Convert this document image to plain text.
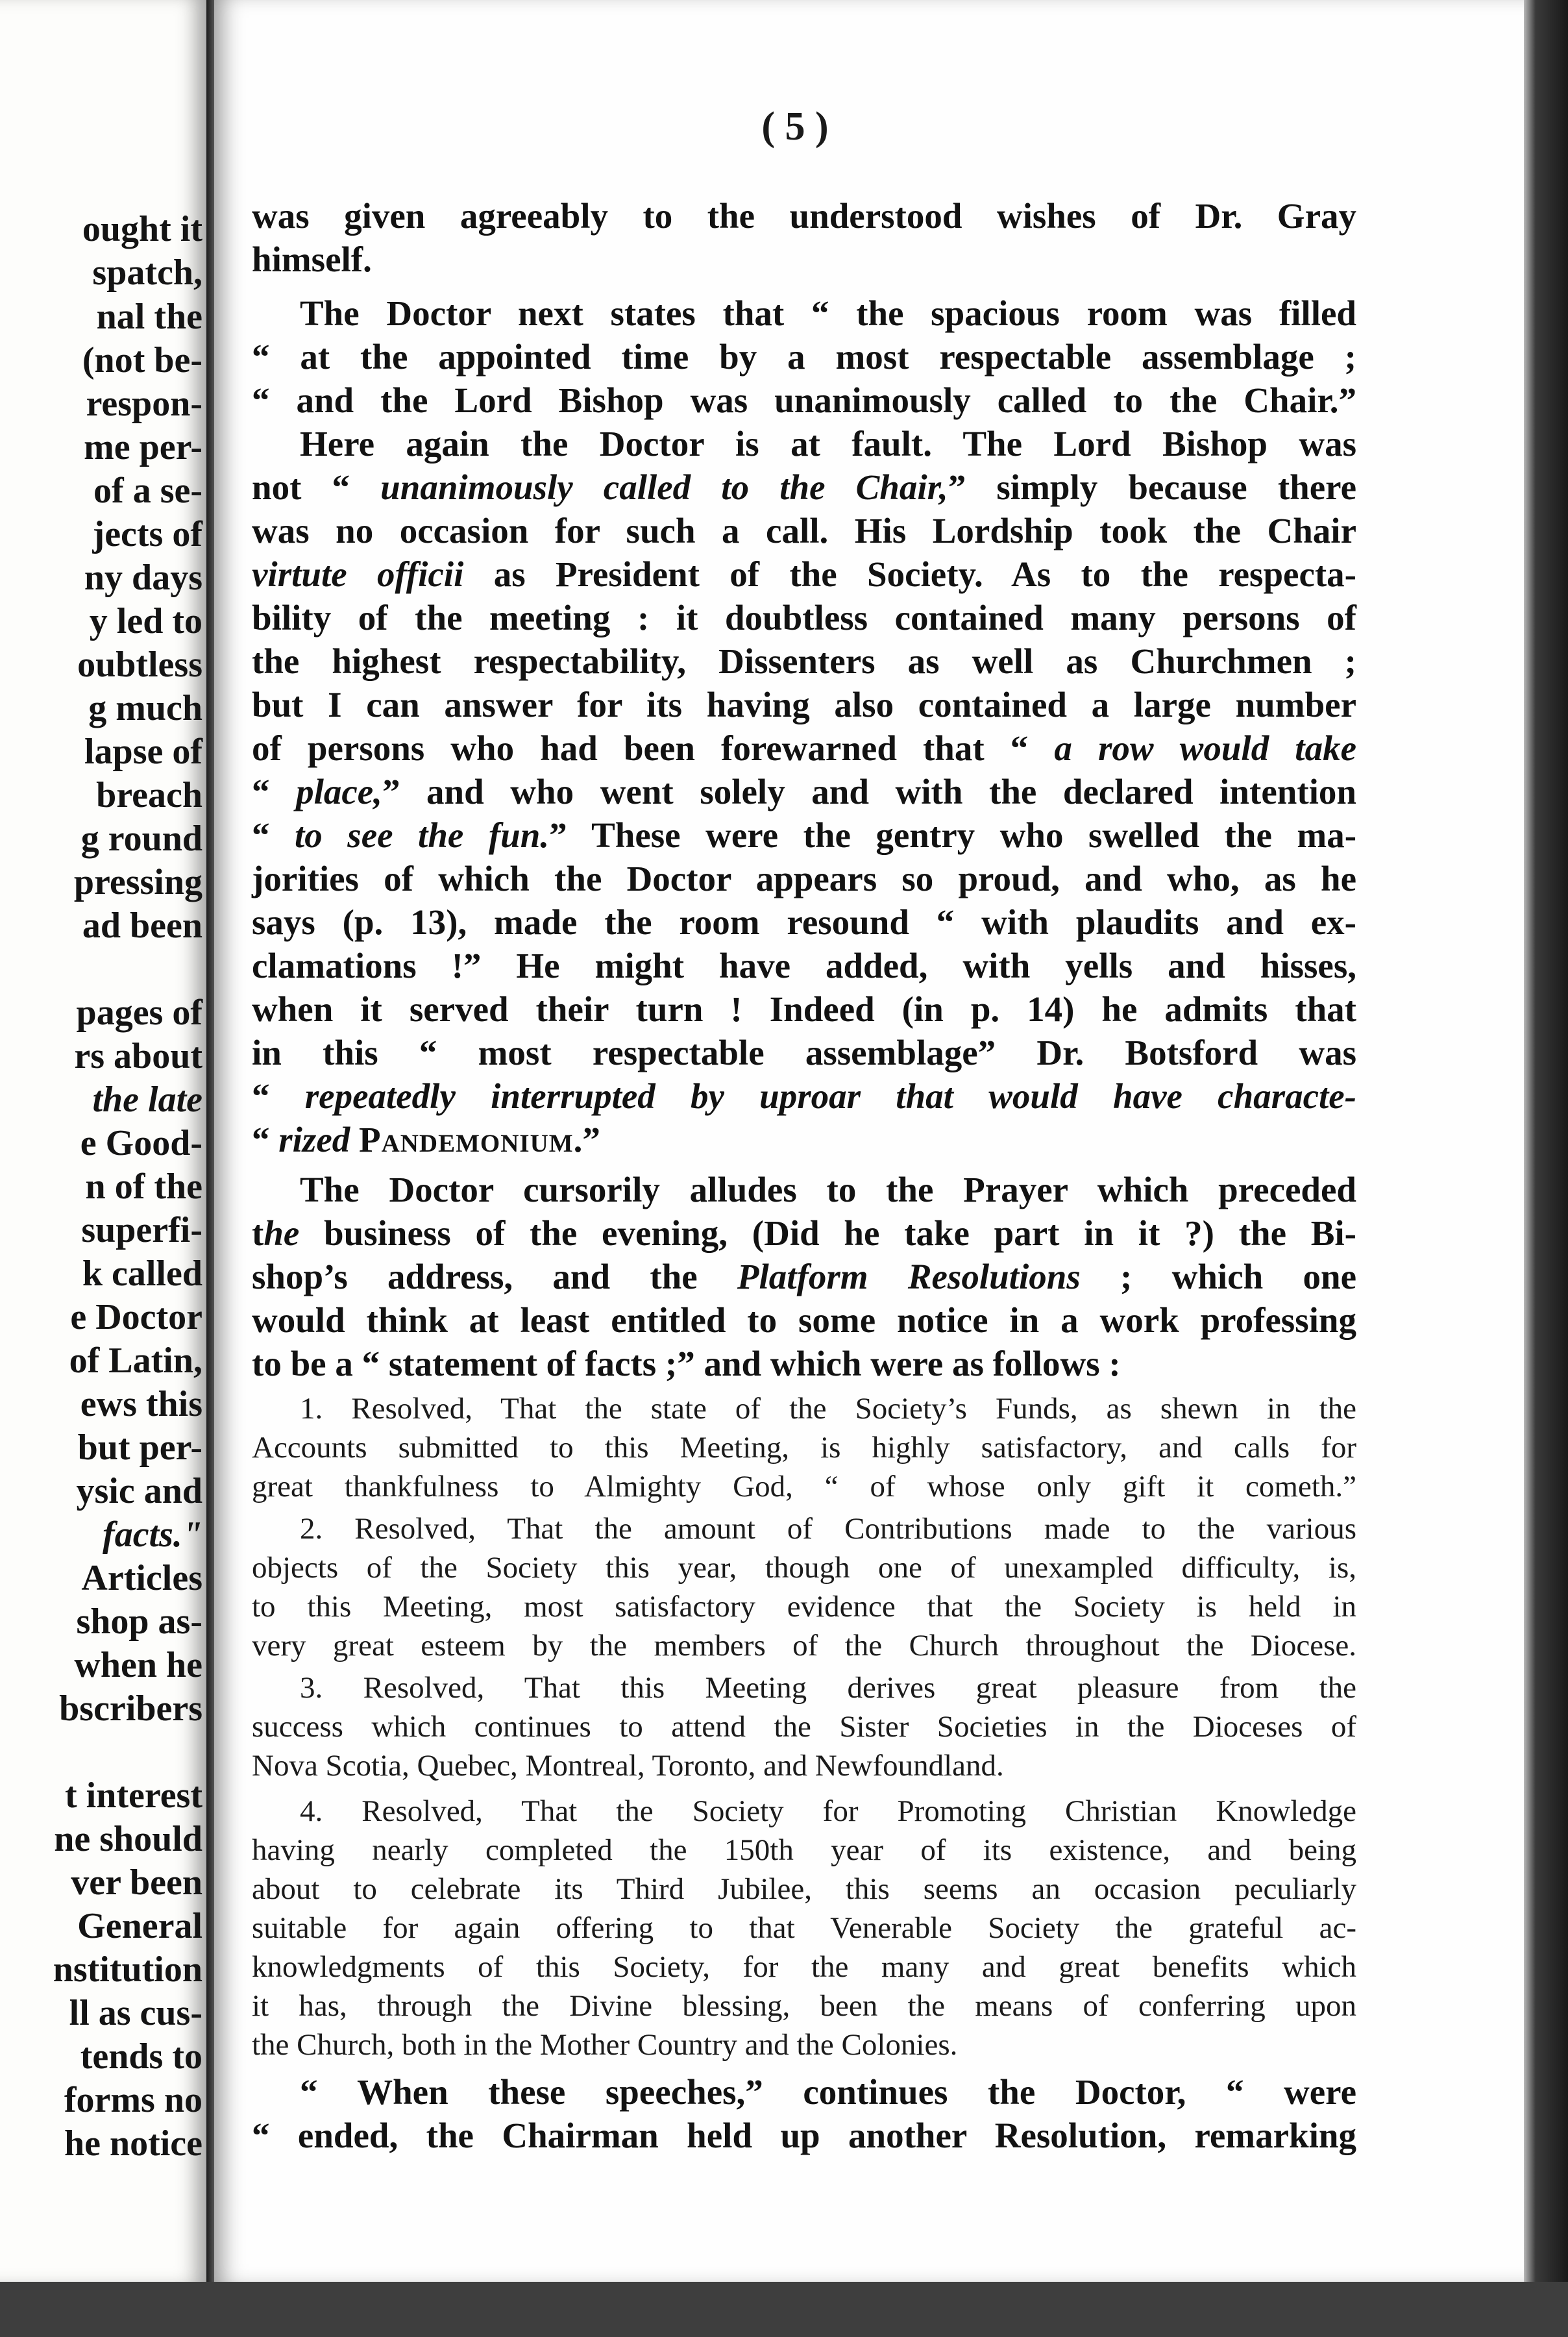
ought it
spatch,
nal the
(not be-
respon-
me per-
of a se-
jects of
ny days
y led to
oubtless
g much
lapse of
breach
g round
pressing
ad been
pages of
rs about
the late
e Good-
n of the
superfi-
k called
e Doctor
of Latin,
ews this
but per-
ysic and
facts."
Articles
shop as-
when he
bscribers
t interest
ne should
ver been
General
nstitution
ll as cus-
tends to
forms no
he notice
( 5 )
was given agreeably to the understood wishes of Dr. Gray
himself.
The Doctor next states that “ the spacious room was filled
“ at the appointed time by a most respectable assemblage ;
“ and the Lord Bishop was unanimously called to the Chair.”
Here again the Doctor is at fault. The Lord Bishop was
not “ unanimously called to the Chair,” simply because there
was no occasion for such a call. His Lordship took the Chair
virtute officii as President of the Society. As to the respecta-
bility of the meeting : it doubtless contained many persons of
the highest respectability, Dissenters as well as Churchmen ;
but I can answer for its having also contained a large number
of persons who had been forewarned that “ a row would take
“ place,” and who went solely and with the declared intention
“ to see the fun.” These were the gentry who swelled the ma-
jorities of which the Doctor appears so proud, and who, as he
says (p. 13), made the room resound “ with plaudits and ex-
clamations !” He might have added, with yells and hisses,
when it served their turn ! Indeed (in p. 14) he admits that
in this “ most respectable assemblage” Dr. Botsford was
“ repeatedly interrupted by uproar that would have characte-
“ rized Pandemonium.”
The Doctor cursorily alludes to the Prayer which preceded
the business of the evening, (Did he take part in it ?) the Bi-
shop’s address, and the Platform Resolutions ; which one
would think at least entitled to some notice in a work professing
to be a “ statement of facts ;” and which were as follows :
1. Resolved, That the state of the Society’s Funds, as shewn in the
Accounts submitted to this Meeting, is highly satisfactory, and calls for
great thankfulness to Almighty God, “ of whose only gift it cometh.”
2. Resolved, That the amount of Contributions made to the various
objects of the Society this year, though one of unexampled difficulty, is,
to this Meeting, most satisfactory evidence that the Society is held in
very great esteem by the members of the Church throughout the Diocese.
3. Resolved, That this Meeting derives great pleasure from the
success which continues to attend the Sister Societies in the Dioceses of
Nova Scotia, Quebec, Montreal, Toronto, and Newfoundland.
4. Resolved, That the Society for Promoting Christian Knowledge
having nearly completed the 150th year of its existence, and being
about to celebrate its Third Jubilee, this seems an occasion peculiarly
suitable for again offering to that Venerable Society the grateful ac-
knowledgments of this Society, for the many and great benefits which
it has, through the Divine blessing, been the means of conferring upon
the Church, both in the Mother Country and the Colonies.
“ When these speeches,” continues the Doctor, “ were
“ ended, the Chairman held up another Resolution, remarking
